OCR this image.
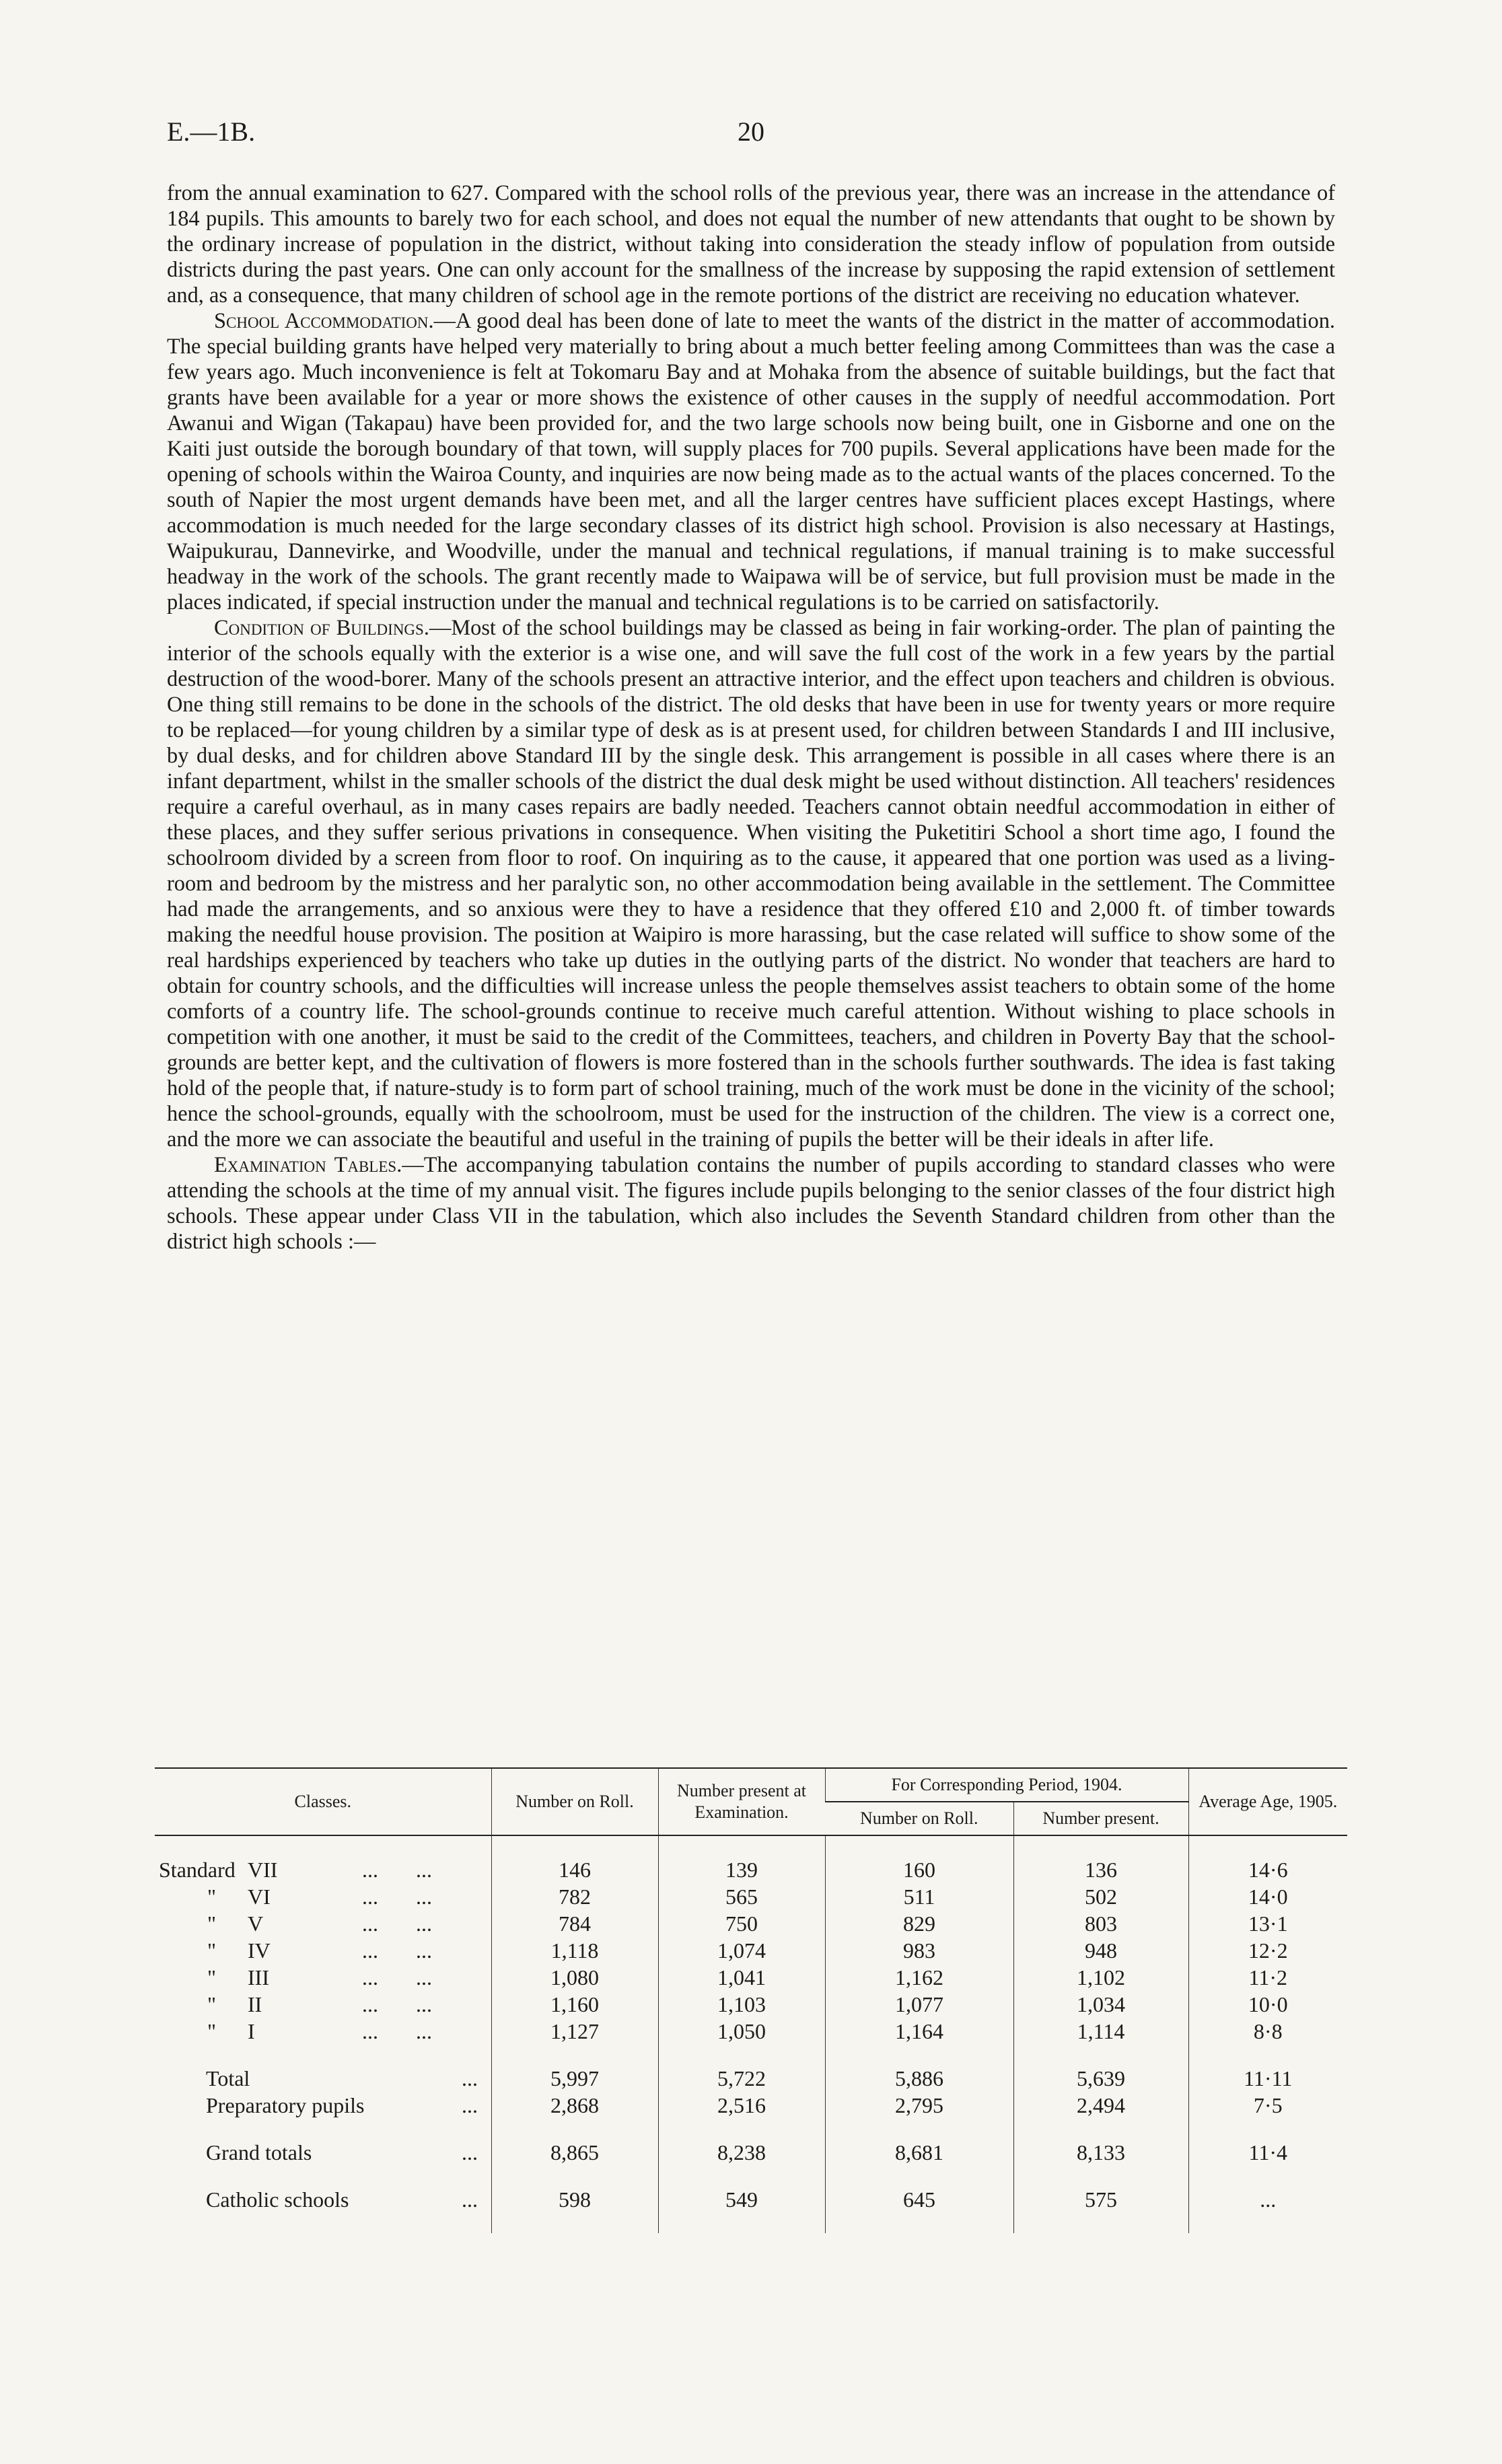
E.—1B.	20

from the annual examination to 627. Compared with the school rolls of the previous year, there was an increase in the attendance of 184 pupils. This amounts to barely two for each school, and does not equal the number of new attendants that ought to be shown by the ordinary increase of population in the district, without taking into consideration the steady inflow of population from outside districts during the past years. One can only account for the smallness of the increase by supposing the rapid extension of settlement and, as a consequence, that many children of school age in the remote portions of the district are receiving no education whatever.

School Accommodation.—A good deal has been done of late to meet the wants of the district in the matter of accommodation. The special building grants have helped very materially to bring about a much better feeling among Committees than was the case a few years ago. Much inconvenience is felt at Tokomaru Bay and at Mohaka from the absence of suitable buildings, but the fact that grants have been available for a year or more shows the existence of other causes in the supply of needful accommodation. Port Awanui and Wigan (Takapau) have been provided for, and the two large schools now being built, one in Gisborne and one on the Kaiti just outside the borough boundary of that town, will supply places for 700 pupils. Several applications have been made for the opening of schools within the Wairoa County, and inquiries are now being made as to the actual wants of the places concerned. To the south of Napier the most urgent demands have been met, and all the larger centres have sufficient places except Hastings, where accommodation is much needed for the large secondary classes of its district high school. Provision is also necessary at Hastings, Waipukurau, Dannevirke, and Woodville, under the manual and technical regulations, if manual training is to make successful headway in the work of the schools. The grant recently made to Waipawa will be of service, but full provision must be made in the places indicated, if special instruction under the manual and technical regulations is to be carried on satisfactorily.

Condition of Buildings.—Most of the school buildings may be classed as being in fair working-order. The plan of painting the interior of the schools equally with the exterior is a wise one, and will save the full cost of the work in a few years by the partial destruction of the wood-borer. Many of the schools present an attractive interior, and the effect upon teachers and children is obvious. One thing still remains to be done in the schools of the district. The old desks that have been in use for twenty years or more require to be replaced—for young children by a similar type of desk as is at present used, for children between Standards I and III inclusive, by dual desks, and for children above Standard III by the single desk. This arrangement is possible in all cases where there is an infant department, whilst in the smaller schools of the district the dual desk might be used without distinction. All teachers' residences require a careful overhaul, as in many cases repairs are badly needed. Teachers cannot obtain needful accommodation in either of these places, and they suffer serious privations in consequence. When visiting the Puketitiri School a short time ago, I found the schoolroom divided by a screen from floor to roof. On inquiring as to the cause, it appeared that one portion was used as a living-room and bedroom by the mistress and her paralytic son, no other accommodation being available in the settlement. The Committee had made the arrangements, and so anxious were they to have a residence that they offered £10 and 2,000 ft. of timber towards making the needful house provision. The position at Waipiro is more harassing, but the case related will suffice to show some of the real hardships experienced by teachers who take up duties in the outlying parts of the district. No wonder that teachers are hard to obtain for country schools, and the difficulties will increase unless the people themselves assist teachers to obtain some of the home comforts of a country life. The school-grounds continue to receive much careful attention. Without wishing to place schools in competition with one another, it must be said to the credit of the Committees, teachers, and children in Poverty Bay that the school-grounds are better kept, and the cultivation of flowers is more fostered than in the schools further southwards. The idea is fast taking hold of the people that, if nature-study is to form part of school training, much of the work must be done in the vicinity of the school; hence the school-grounds, equally with the schoolroom, must be used for the instruction of the children. The view is a correct one, and the more we can associate the beautiful and useful in the training of pupils the better will be their ideals in after life.

Examination Tables.—The accompanying tabulation contains the number of pupils according to standard classes who were attending the schools at the time of my annual visit. The figures include pupils belonging to the senior classes of the four district high schools. These appear under Class VII in the tabulation, which also includes the Seventh Standard children from other than the district high schools :—

Classes.	Number on Roll.	Number present at Examination.	For Corresponding Period, 1904.		Average Age, 1905.
			Number on Roll.	Number present.	

Standard VII ... ...	146	139	160	136	14·6
" VI ... ...	782	565	511	502	14·0
" V ... ...	784	750	829	803	13·1
" IV ... ...	1,118	1,074	983	948	12·2
" III ... ...	1,080	1,041	1,162	1,102	11·2
" II ... ...	1,160	1,103	1,077	1,034	10·0
" I ... ...	1,127	1,050	1,164	1,114	8·8

Total ...	5,997	5,722	5,886	5,639	11·11
Preparatory pupils ...	2,868	2,516	2,795	2,494	7·5

Grand totals ...	8,865	8,238	8,681	8,133	11·4

Catholic schools ...	598	549	645	575	...
